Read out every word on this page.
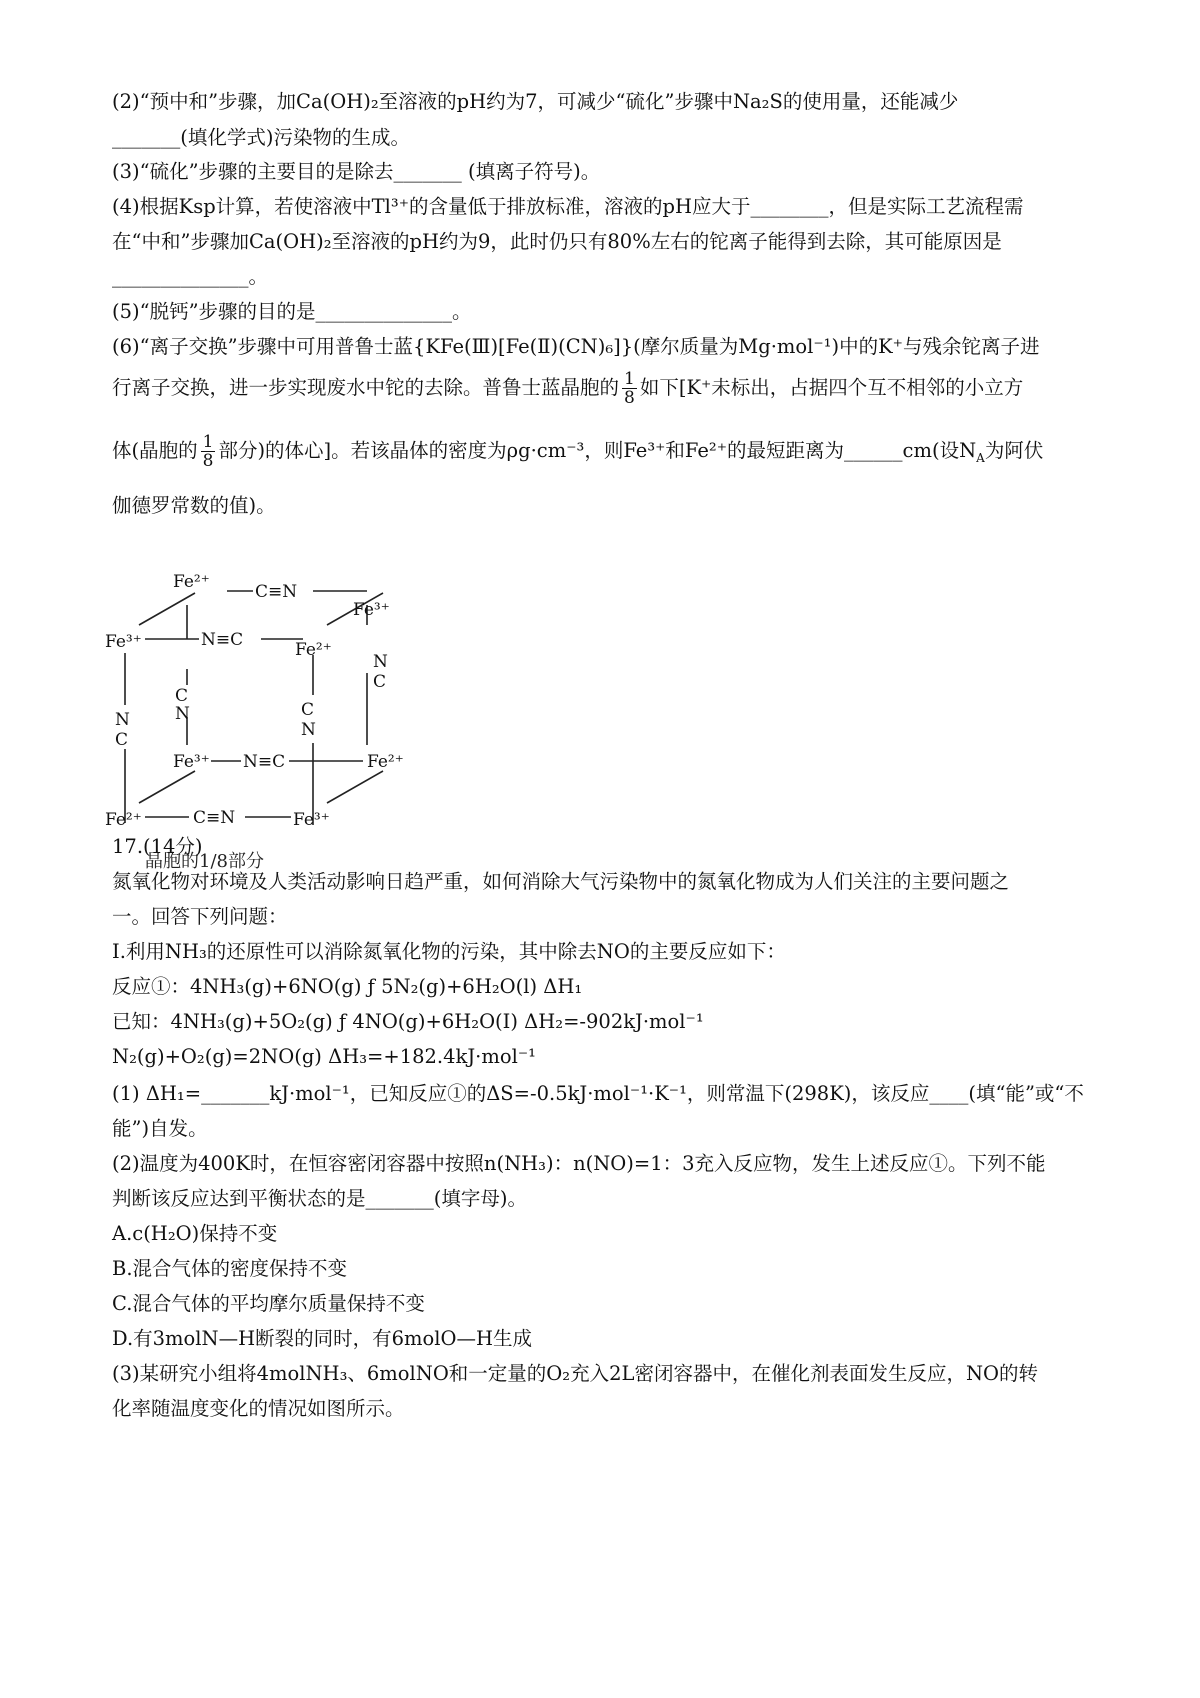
(2)“预中和”步骤，加Ca(OH)₂至溶液的pH约为7，可减少“硫化”步骤中Na₂S的使用量，还能减少
_______(填化学式)污染物的生成。
(3)“硫化”步骤的主要目的是除去_______ (填离子符号)。
(4)根据Ksp计算，若使溶液中Tl³⁺的含量低于排放标准，溶液的pH应大于________，但是实际工艺流程需
在“中和”步骤加Ca(OH)₂至溶液的pH约为9，此时仍只有80%左右的铊离子能得到去除，其可能原因是
______________。
(5)“脱钙”步骤的目的是______________。
(6)“离子交换”步骤中可用普鲁士蓝{KFe(Ⅲ)[Fe(Ⅱ)(CN)₆]}(摩尔质量为Mg·mol⁻¹)中的K⁺与残余铊离子进
行离子交换，进一步实现废水中铊的去除。普鲁士蓝晶胞的 $\frac{1}{8}$ 如下[K⁺未标出，占据四个互不相邻的小立方
体(晶胞的 $\frac{1}{8}$ 部分)的体心]。若该晶体的密度为ρg·cm⁻³，则Fe³⁺和Fe²⁺的最短距离为______cm(设$N_A$为阿伏
伽德罗常数的值)。
Fe²⁺	C≡N
Fe³⁺
Fe³⁺	N≡C	Fe²⁺
N
C
C
N	C
N
N
C
Fe³⁺ N≡C	Fe²⁺
Fe²⁺	C≡N	Fe³⁺
晶胞的1/8部分
17.(14分)
氮氧化物对环境及人类活动影响日趋严重，如何消除大气污染物中的氮氧化物成为人们关注的主要问题之
一。回答下列问题：
Ⅰ.利用NH₃的还原性可以消除氮氧化物的污染，其中除去NO的主要反应如下：
反应①：4NH₃(g)+6NO(g) ƒ 5N₂(g)+6H₂O(l) ΔH₁
已知：4NH₃(g)+5O₂(g) ƒ 4NO(g)+6H₂O(I) ΔH₂=-902kJ·mol⁻¹
N₂(g)+O₂(g)=2NO(g) ΔH₃=+182.4kJ·mol⁻¹
(1) ΔH₁=_______kJ·mol⁻¹，已知反应①的ΔS=-0.5kJ·mol⁻¹·K⁻¹，则常温下(298K)，该反应____(填“能”或“不
能”)自发。
(2)温度为400K时，在恒容密闭容器中按照n(NH₃)：n(NO)=1：3充入反应物，发生上述反应①。下列不能
判断该反应达到平衡状态的是_______(填字母)。
A.c(H₂O)保持不变
B.混合气体的密度保持不变
C.混合气体的平均摩尔质量保持不变
D.有3molN—H断裂的同时，有6molO—H生成
(3)某研究小组将4molNH₃、6molNO和一定量的O₂充入2L密闭容器中，在催化剂表面发生反应，NO的转
化率随温度变化的情况如图所示。
